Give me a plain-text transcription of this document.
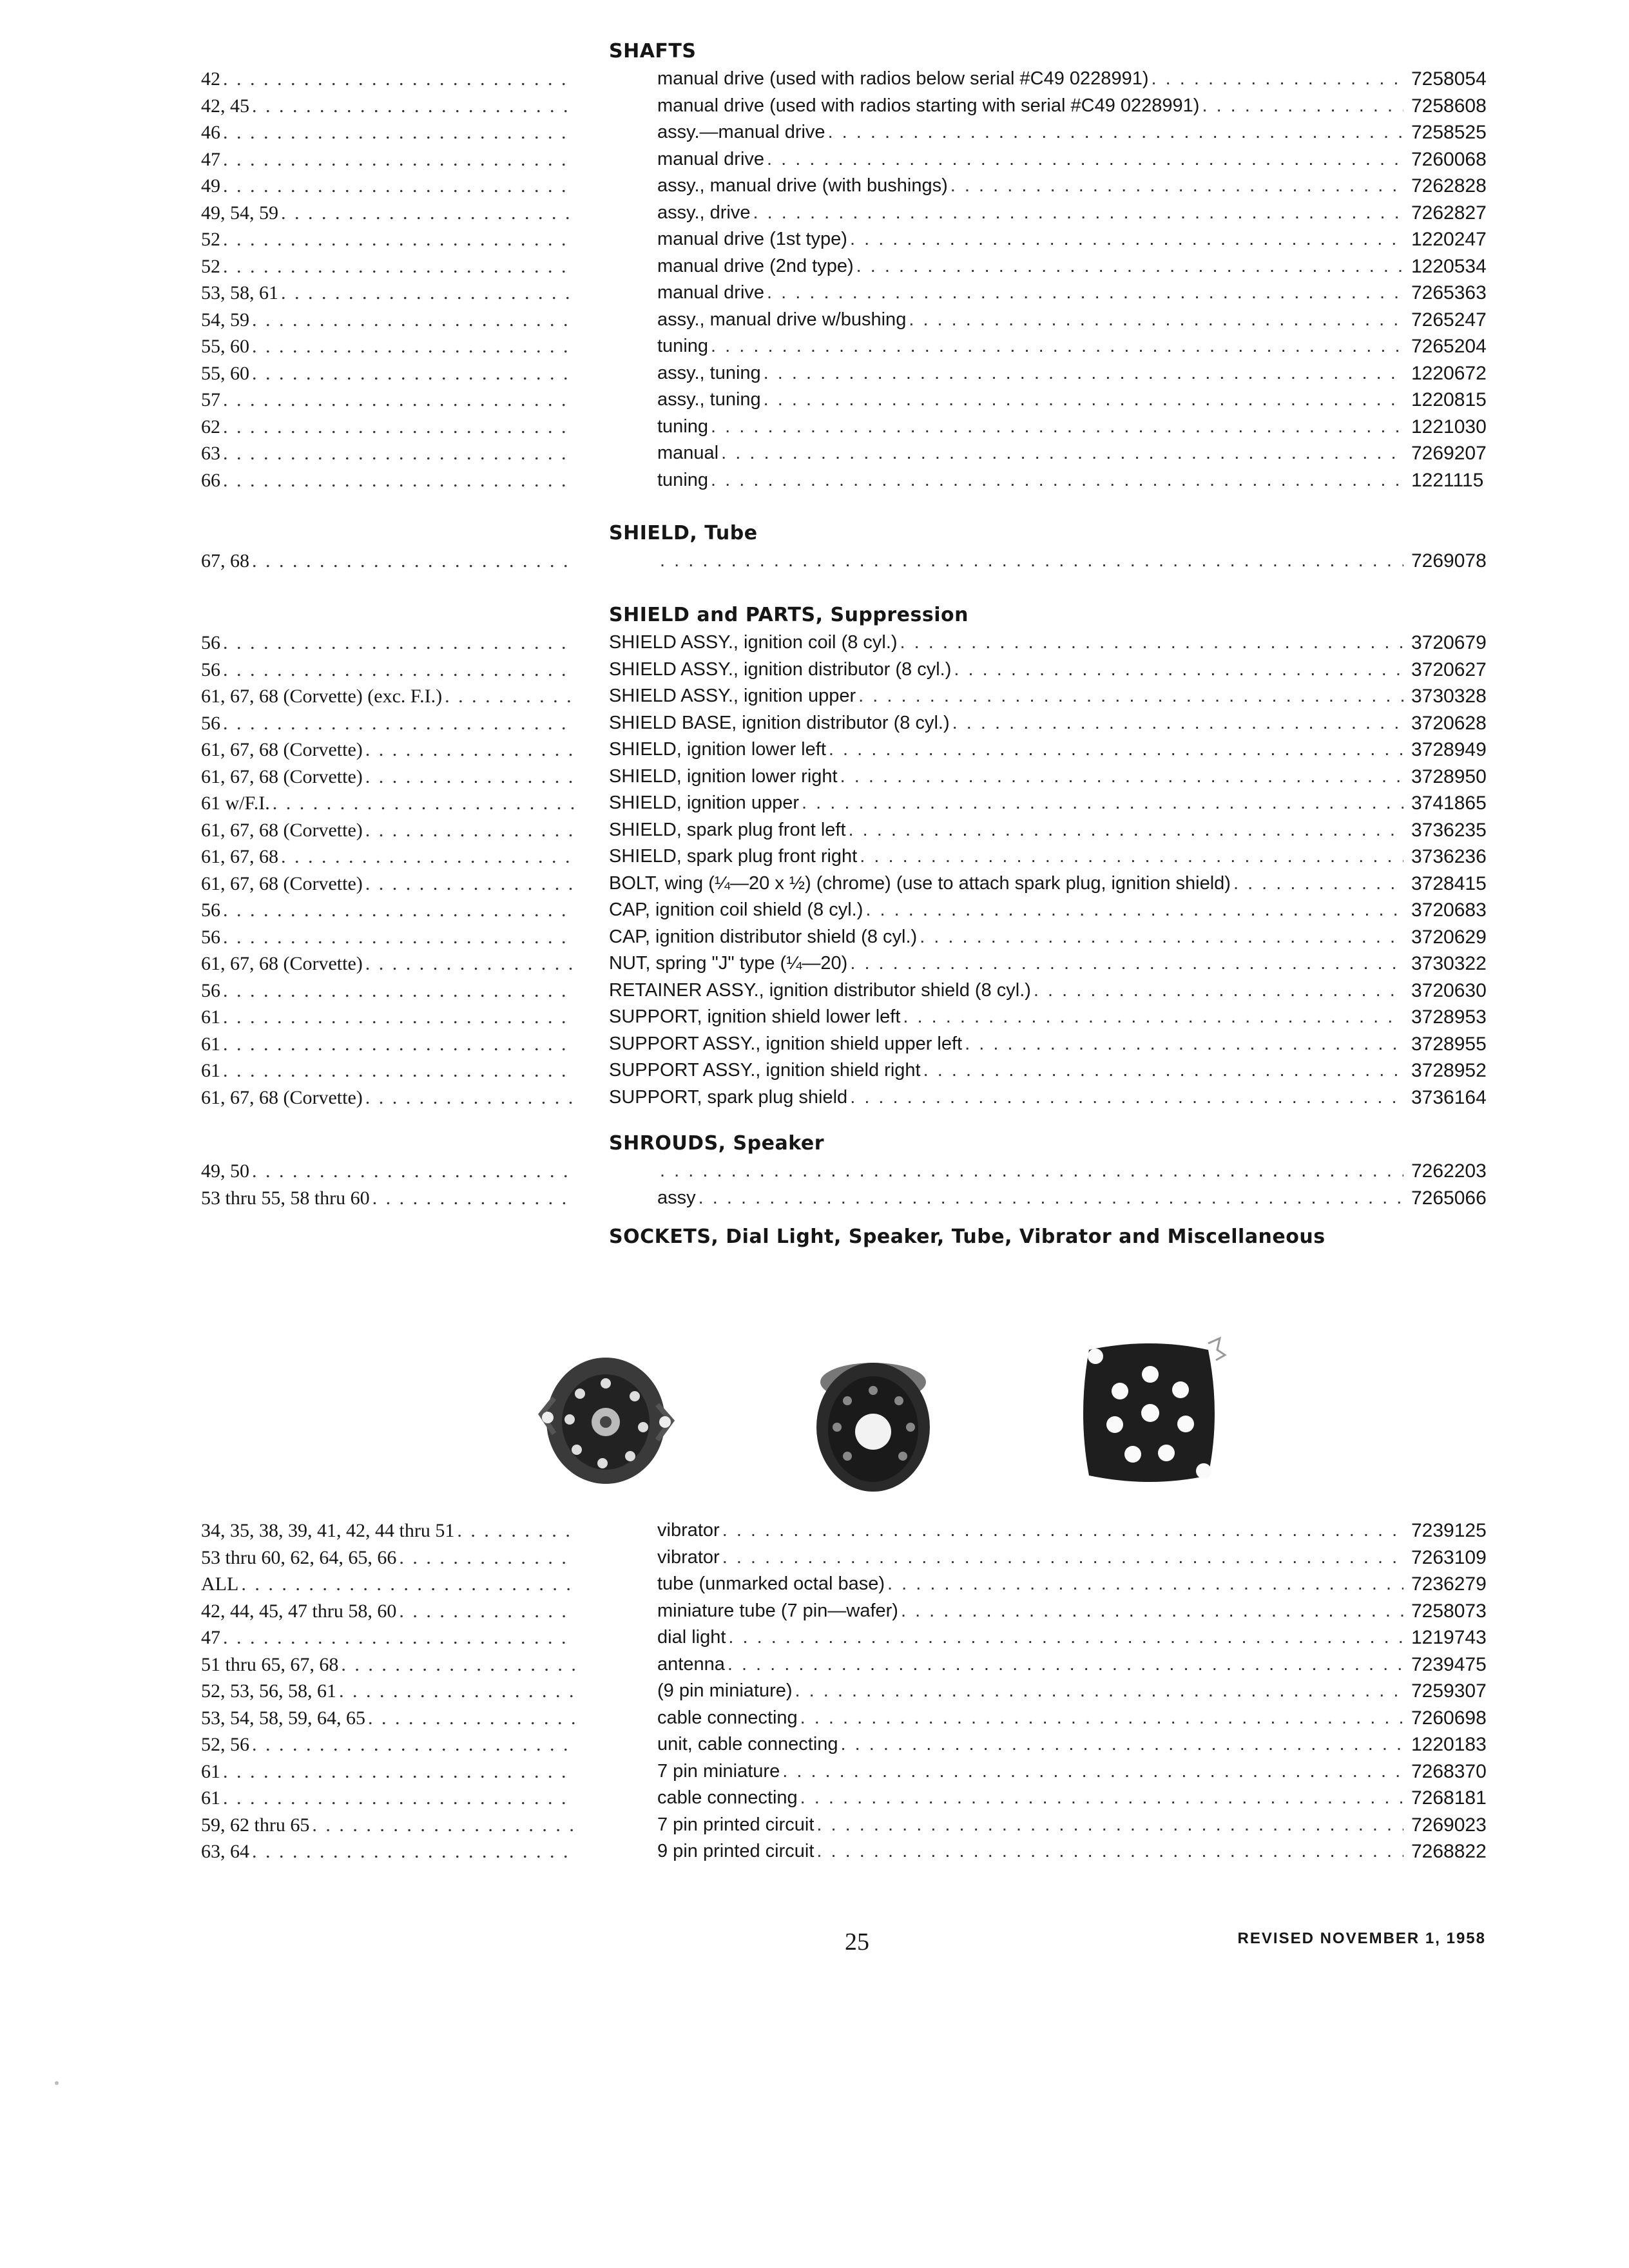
SHAFTS
42 . . .	manual drive (used with radios below serial #C49 0228991) . . .	7258054
42, 45 . . .	manual drive (used with radios starting with serial #C49 0228991) . . .	7258608
46 . . .	assy.—manual drive . . .	7258525
47 . . .	manual drive . . .	7260068
49 . . .	assy., manual drive (with bushings) . . .	7262828
49, 54, 59 . . .	assy., drive . . .	7262827
52 . . .	manual drive (1st type) . . .	1220247
52 . . .	manual drive (2nd type) . . .	1220534
53, 58, 61 . . .	manual drive . . .	7265363
54, 59 . . .	assy., manual drive w/bushing . . .	7265247
55, 60 . . .	tuning . . .	7265204
55, 60 . . .	assy., tuning . . .	1220672
57 . . .	assy., tuning . . .	1220815
62 . . .	tuning . . .	1221030
63 . . .	manual . . .	7269207
66 . . .	tuning . . .	1221115
SHIELD, Tube
67, 68 . . . . . .	7269078
SHIELD and PARTS, Suppression
56 . . .	SHIELD ASSY., ignition coil (8 cyl.) . . .	3720679
56 . . .	SHIELD ASSY., ignition distributor (8 cyl.) . . .	3720627
61, 67, 68 (Corvette) (exc. F.I.) . . .	SHIELD ASSY., ignition upper . . .	3730328
56 . . .	SHIELD BASE, ignition distributor (8 cyl.) . . .	3720628
61, 67, 68 (Corvette) . . .	SHIELD, ignition lower left . . .	3728949
61, 67, 68 (Corvette) . . .	SHIELD, ignition lower right . . .	3728950
61 w/F.I. . . .	SHIELD, ignition upper . . .	3741865
61, 67, 68 (Corvette) . . .	SHIELD, spark plug front left . . .	3736235
61, 67, 68 . . .	SHIELD, spark plug front right . . .	3736236
61, 67, 68 (Corvette) . . .	BOLT, wing (¼—20 x ½) (chrome) (use to attach spark plug, ignition shield) . . .	3728415
56 . . .	CAP, ignition coil shield (8 cyl.) . . .	3720683
56 . . .	CAP, ignition distributor shield (8 cyl.) . . .	3720629
61, 67, 68 (Corvette) . . .	NUT, spring "J" type (¼—20) . . .	3730322
56 . . .	RETAINER ASSY., ignition distributor shield (8 cyl.) . . .	3720630
61 . . .	SUPPORT, ignition shield lower left . . .	3728953
61 . . .	SUPPORT ASSY., ignition shield upper left . . .	3728955
61 . . .	SUPPORT ASSY., ignition shield right . . .	3728952
61, 67, 68 (Corvette) . . .	SUPPORT, spark plug shield . . .	3736164
SHROUDS, Speaker
49, 50 . . . . . .	7262203
53 thru 55, 58 thru 60 . . .	assy . . .	7265066
SOCKETS, Dial Light, Speaker, Tube, Vibrator and Miscellaneous
34, 35, 38, 39, 41, 42, 44 thru 51 . . .	vibrator . . .	7239125
53 thru 60, 62, 64, 65, 66 . . .	vibrator . . .	7263109
ALL . . .	tube (unmarked octal base) . . .	7236279
42, 44, 45, 47 thru 58, 60 . . .	miniature tube (7 pin—wafer) . . .	7258073
47 . . .	dial light . . .	1219743
51 thru 65, 67, 68 . . .	antenna . . .	7239475
52, 53, 56, 58, 61 . . .	(9 pin miniature) . . .	7259307
53, 54, 58, 59, 64, 65 . . .	cable connecting . . .	7260698
52, 56 . . .	unit, cable connecting . . .	1220183
61 . . .	7 pin miniature . . .	7268370
61 . . .	cable connecting . . .	7268181
59, 62 thru 65 . . .	7 pin printed circuit . . .	7269023
63, 64 . . .	9 pin printed circuit . . .	7268822
25	REVISED NOVEMBER 1, 1958
